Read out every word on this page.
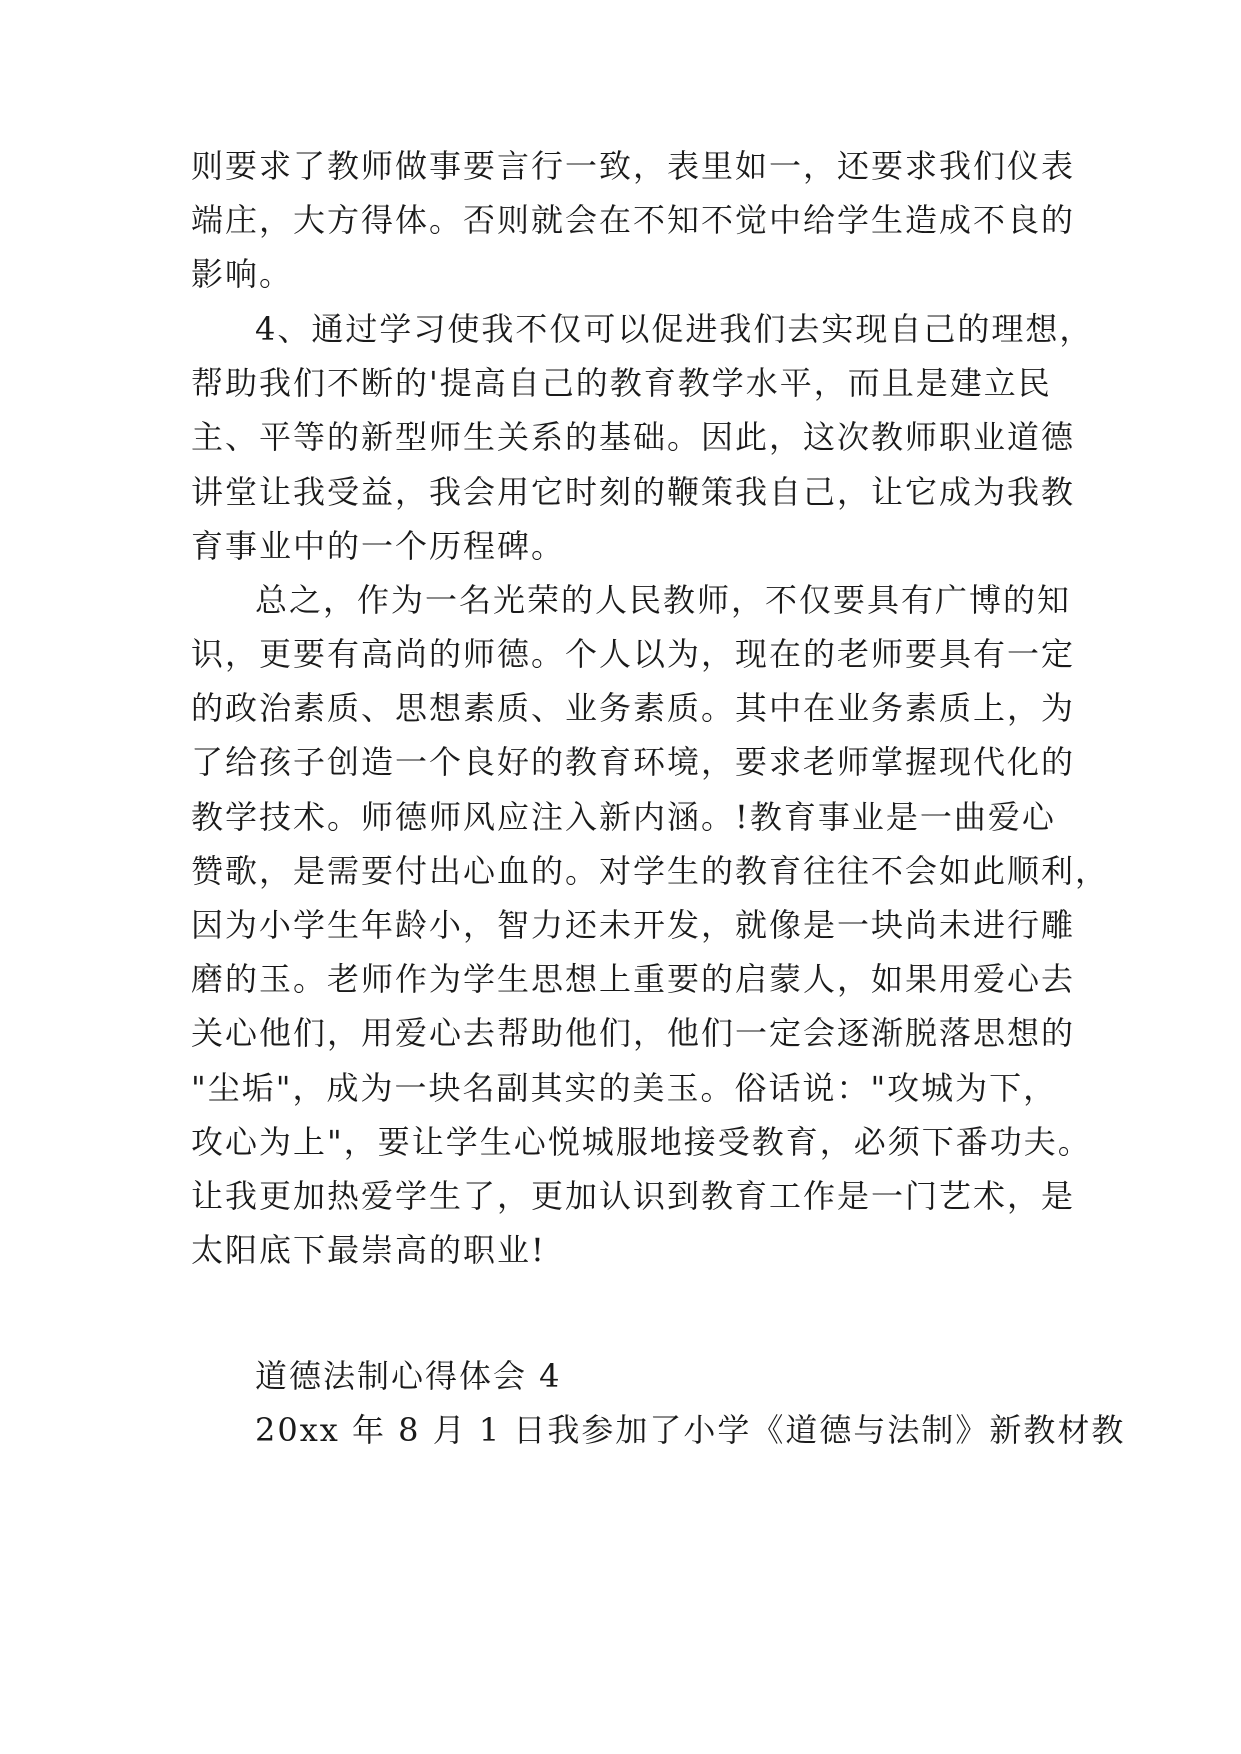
则要求了教师做事要言行一致，表里如一，还要求我们仪表
端庄，大方得体。否则就会在不知不觉中给学生造成不良的
影响。
4、通过学习使我不仅可以促进我们去实现自己的理想，
帮助我们不断的'提高自己的教育教学水平，而且是建立民
主、平等的新型师生关系的基础。因此，这次教师职业道德
讲堂让我受益，我会用它时刻的鞭策我自己，让它成为我教
育事业中的一个历程碑。
总之，作为一名光荣的人民教师，不仅要具有广博的知
识，更要有高尚的师德。个人以为，现在的老师要具有一定
的政治素质、思想素质、业务素质。其中在业务素质上，为
了给孩子创造一个良好的教育环境，要求老师掌握现代化的
教学技术。师德师风应注入新内涵。!教育事业是一曲爱心
赞歌，是需要付出心血的。对学生的教育往往不会如此顺利，
因为小学生年龄小，智力还未开发，就像是一块尚未进行雕
磨的玉。老师作为学生思想上重要的启蒙人，如果用爱心去
关心他们，用爱心去帮助他们，他们一定会逐渐脱落思想的
"尘垢"，成为一块名副其实的美玉。俗话说："攻城为下，
攻心为上"，要让学生心悦城服地接受教育，必须下番功夫。
让我更加热爱学生了，更加认识到教育工作是一门艺术，是
太阳底下最崇高的职业!
道德法制心得体会 4
20xx 年 8 月 1 日我参加了小学《道德与法制》新教材教
